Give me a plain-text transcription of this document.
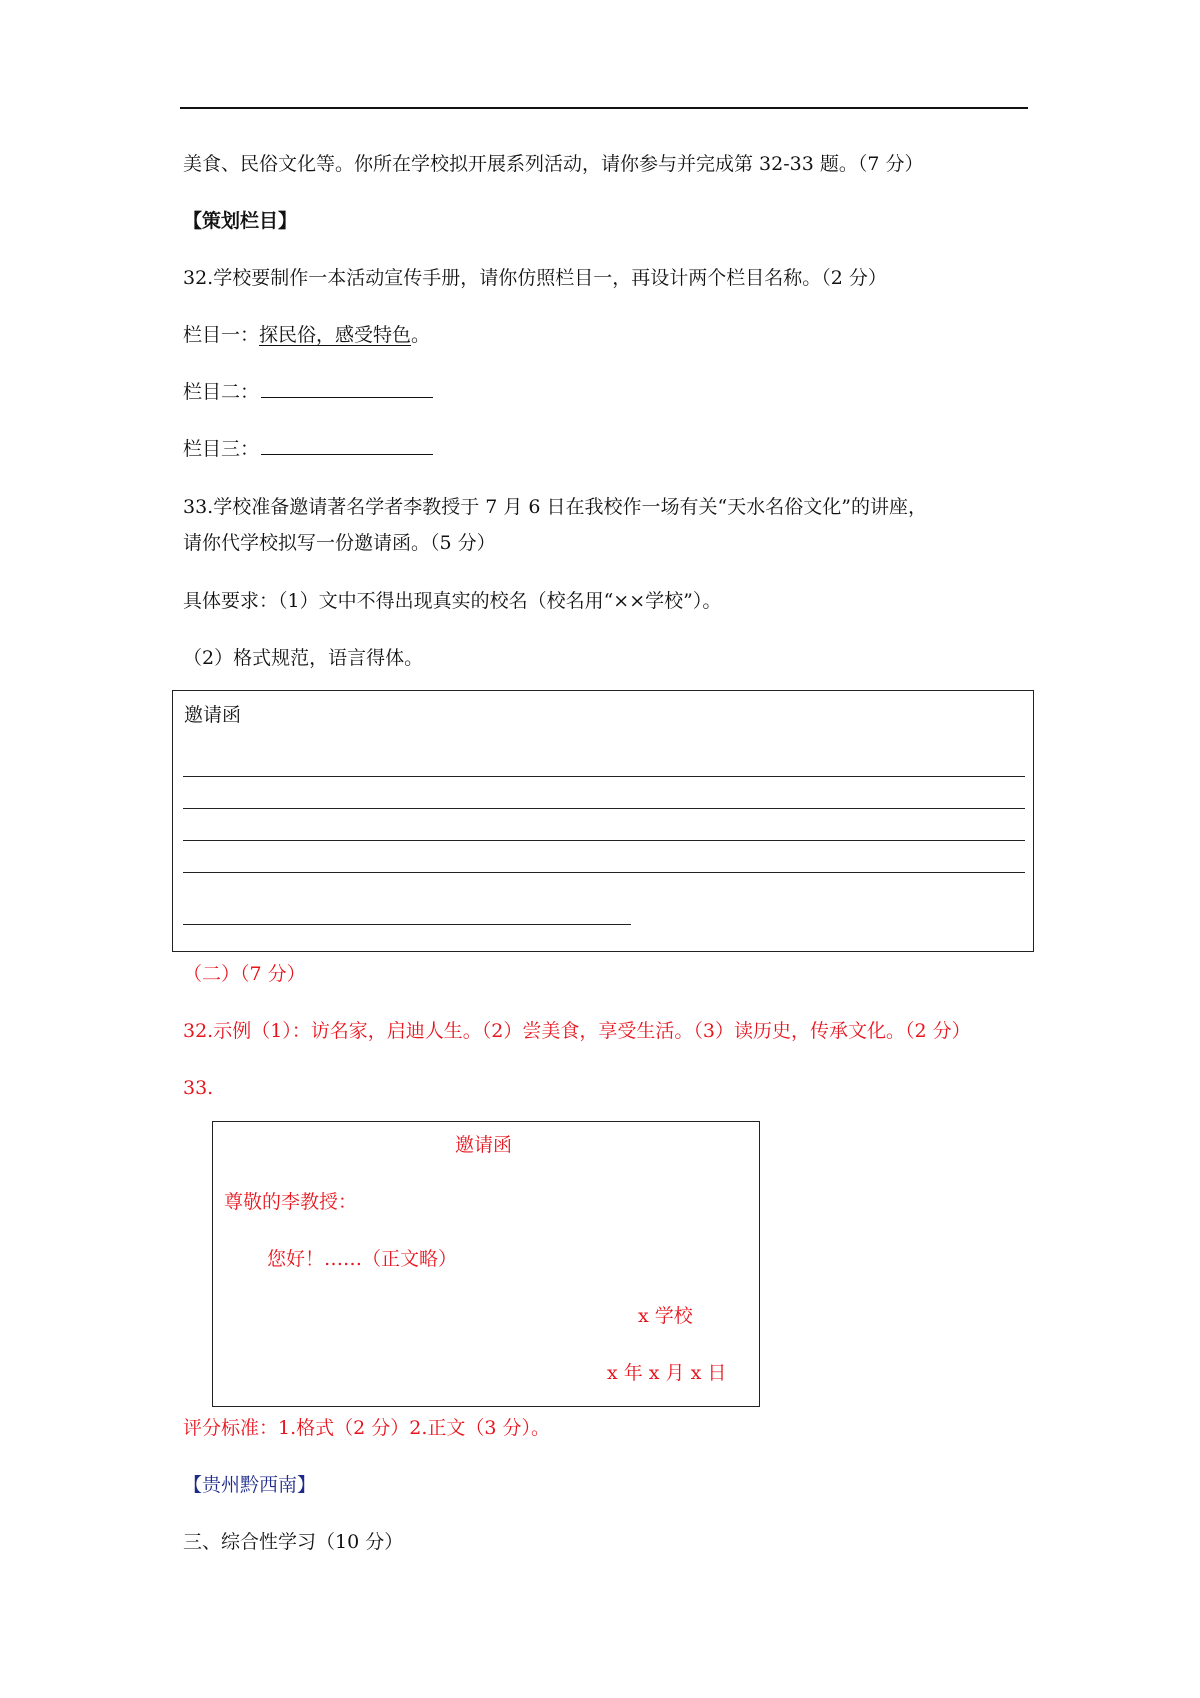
美食、民俗文化等。你所在学校拟开展系列活动，请你参与并完成第 32-33 题。（7 分）
【策划栏目】
32.学校要制作一本活动宣传手册，请你仿照栏目一，再设计两个栏目名称。（2 分）
栏目一：探民俗，感受特色。
栏目二：
栏目三：
33.学校准备邀请著名学者李教授于 7 月 6 日在我校作一场有关“天水名俗文化”的讲座，
请你代学校拟写一份邀请函。（5 分）
具体要求：（1）文中不得出现真实的校名（校名用“××学校”）。
（2）格式规范，语言得体。
邀请函
（二）（7 分）
32.示例（1）：访名家，启迪人生。（2）尝美食，享受生活。（3）读历史，传承文化。（2 分）
33.
邀请函
尊敬的李教授：
您好！……（正文略）
x 学校
x 年 x 月 x 日
评分标准：1.格式（2 分）2.正文（3 分）。
【贵州黔西南】
三、综合性学习（10 分）
